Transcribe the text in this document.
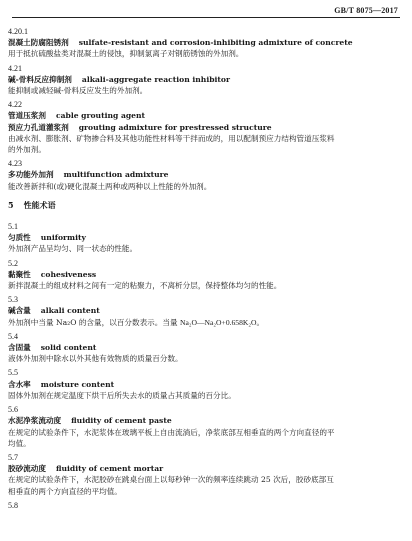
GB/T 8075—2017

4.20.1

混凝土防腐阻锈剂 sulfate-resistant and corrosion-inhibiting admixture of concrete

用于抵抗硫酸盐类对混凝土的侵蚀，抑制氯离子对钢筋锈蚀的外加剂。

4.21

碱-骨料反应抑制剂 alkali-aggregate reaction inhibitor

能抑制或减轻碱-骨料反应发生的外加剂。

4.22

管道压浆剂 cable grouting agent

预应力孔道灌浆剂 grouting admixture for prestressed structure

由减水剂、膨胀剂、矿物掺合料及其他功能性材料等干拌而成的，用以配制预应力结构管道压浆料

的外加剂。

4.23

多功能外加剂 multifunction admixture

能改善新拌和(或)硬化混凝土两种或两种以上性能的外加剂。

5 性能术语

5.1

匀质性 uniformity

外加剂产品呈均匀、同一状态的性能。

5.2

黏聚性 cohesiveness

新拌混凝土的组成材料之间有一定的粘聚力，不离析分层，保持整体均匀的性能。

5.3

碱含量 alkali content

外加剂中当量 Na₂O 的含量，以百分数表示。当量 Na₂O—Na₂O+0.658K₂O。

5.4

含固量 solid content

液体外加剂中除水以外其他有效物质的质量百分数。

5.5

含水率 moisture content

固体外加剂在规定温度下烘干后所失去水的质量占其质量的百分比。

5.6

水泥净浆流动度 fluidity of cement paste

在规定的试验条件下，水泥浆体在玻璃平板上自由流淌后，净浆底部互相垂直的两个方向直径的平

均值。

5.7

胶砂流动度 fluidity of cement mortar

在规定的试验条件下，水泥胶砂在跳桌台面上以每秒钟一次的频率连续跳动 25 次后，胶砂底部互

相垂直的两个方向直径的平均值。

5.8
